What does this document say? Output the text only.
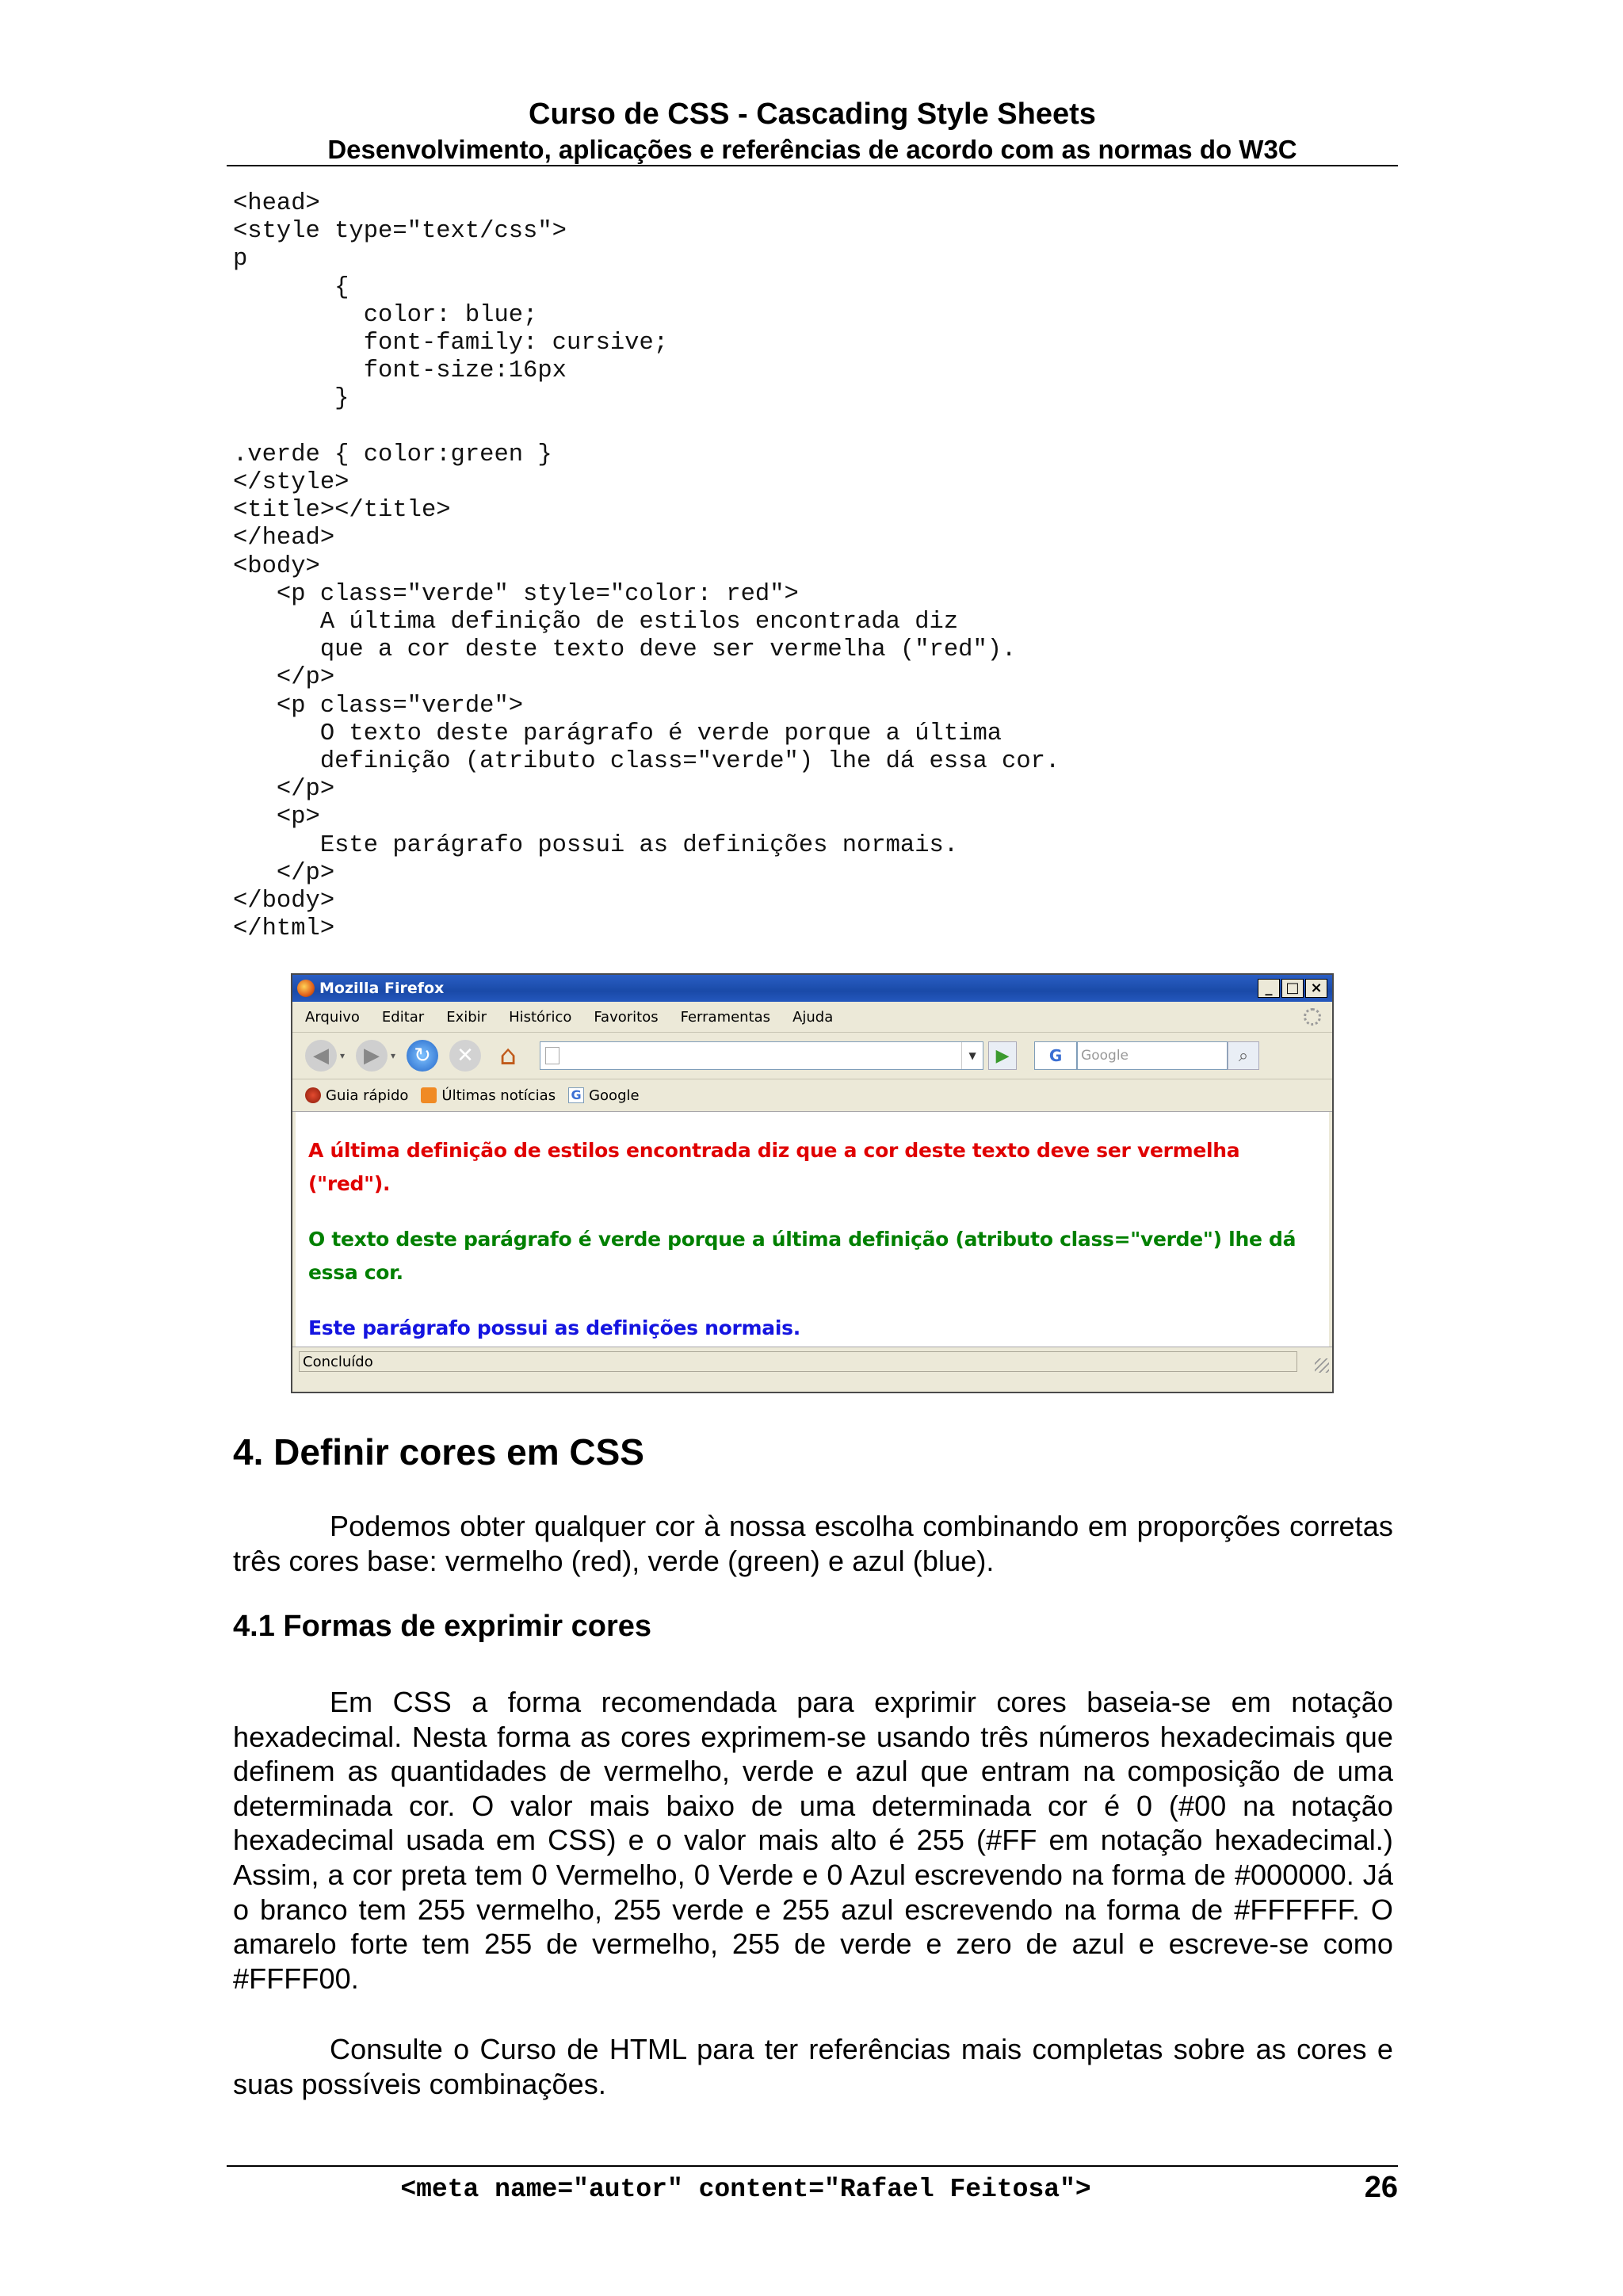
Curso de CSS - Cascading Style Sheets
Desenvolvimento, aplicações e referências de acordo com as normas do W3C
<head>
<style type="text/css">
p
{
color: blue;
font-family: cursive;
font-size:16px
}

.verde { color:green }
</style>
<title></title>
</head>
<body>
<p class="verde" style="color: red">
A última definição de estilos encontrada diz
que a cor deste texto deve ser vermelha ("red").
</p>
<p class="verde">
O texto deste parágrafo é verde porque a última
definição (atributo class="verde") lhe dá essa cor.
</p>
<p>
Este parágrafo possui as definições normais.
</p>
</body>
</html>
Mozilla Firefox	_ □ ×
Arquivo Editar Exibir Histórico Favoritos Ferramentas Ajuda
◀	▾ ▶	▾ ↻	✕ ⌂	▼	▶	G	Google	⌕
Guia rápido Últimas notícias G Google

A última definição de estilos encontrada diz que a cor deste texto deve ser vermelha ("red").

O texto deste parágrafo é verde porque a última definição (atributo class="verde") lhe dá essa cor.

Este parágrafo possui as definições normais.

Concluído
4. Definir cores em CSS

Podemos obter qualquer cor à nossa escolha combinando em proporções corretas três cores base: vermelho (red), verde (green) e azul (blue).

4.1 Formas de exprimir cores

Em CSS a forma recomendada para exprimir cores baseia-se em notação hexadecimal. Nesta forma as cores exprimem-se usando três números hexadecimais que definem as quantidades de vermelho, verde e azul que entram na composição de uma determinada cor. O valor mais baixo de uma determinada cor é 0 (#00 na notação hexadecimal usada em CSS) e o valor mais alto é 255 (#FF em notação hexadecimal.) Assim, a cor preta tem 0 Vermelho, 0 Verde e 0 Azul escrevendo na forma de #000000. Já o branco tem 255 vermelho, 255 verde e 255 azul escrevendo na forma de #FFFFFF. O amarelo forte tem 255 de vermelho, 255 de verde e zero de azul e escreve-se como #FFFF00.

Consulte o Curso de HTML para ter referências mais completas sobre as cores e suas possíveis combinações.

<meta name="autor" content="Rafael Feitosa">	26
